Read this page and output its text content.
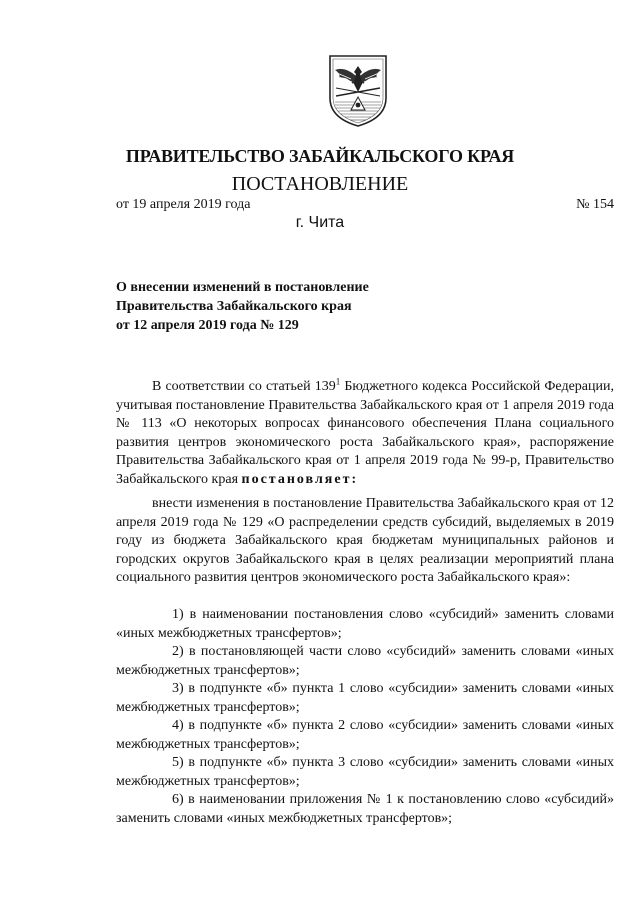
ПРАВИТЕЛЬСТВО ЗАБАЙКАЛЬСКОГО КРАЯ
ПОСТАНОВЛЕНИЕ
от 19 апреля 2019 года	№ 154
г. Чита
О внесении изменений в постановление
Правительства Забайкальского края
от 12 апреля 2019 года № 129
В соответствии со статьей $139^1$ Бюджетного кодекса Российской Федерации, учитывая постановление Правительства Забайкальского края от 1 апреля 2019 года № 113 «О некоторых вопросах финансового обеспечения Плана социального развития центров экономического роста Забайкальского края», распоряжение Правительства Забайкальского края от 1 апреля 2019 года № 99-р, Правительство Забайкальского края постановляет:
внести изменения в постановление Правительства Забайкальского края от 12 апреля 2019 года № 129 «О распределении средств субсидий, выделяемых в 2019 году из бюджета Забайкальского края бюджетам муниципальных районов и городских округов Забайкальского края в целях реализации мероприятий плана социального развития центров экономического роста Забайкальского края»:
1) в наименовании постановления слово «субсидий» заменить словами «иных межбюджетных трансфертов»;
2) в постановляющей части слово «субсидий» заменить словами «иных межбюджетных трансфертов»;
3) в подпункте «б» пункта 1 слово «субсидии» заменить словами «иных межбюджетных трансфертов»;
4) в подпункте «б» пункта 2 слово «субсидии» заменить словами «иных межбюджетных трансфертов»;
5) в подпункте «б» пункта 3 слово «субсидии» заменить словами «иных межбюджетных трансфертов»;
6) в наименовании приложения № 1 к постановлению слово «субсидий» заменить словами «иных межбюджетных трансфертов»;
